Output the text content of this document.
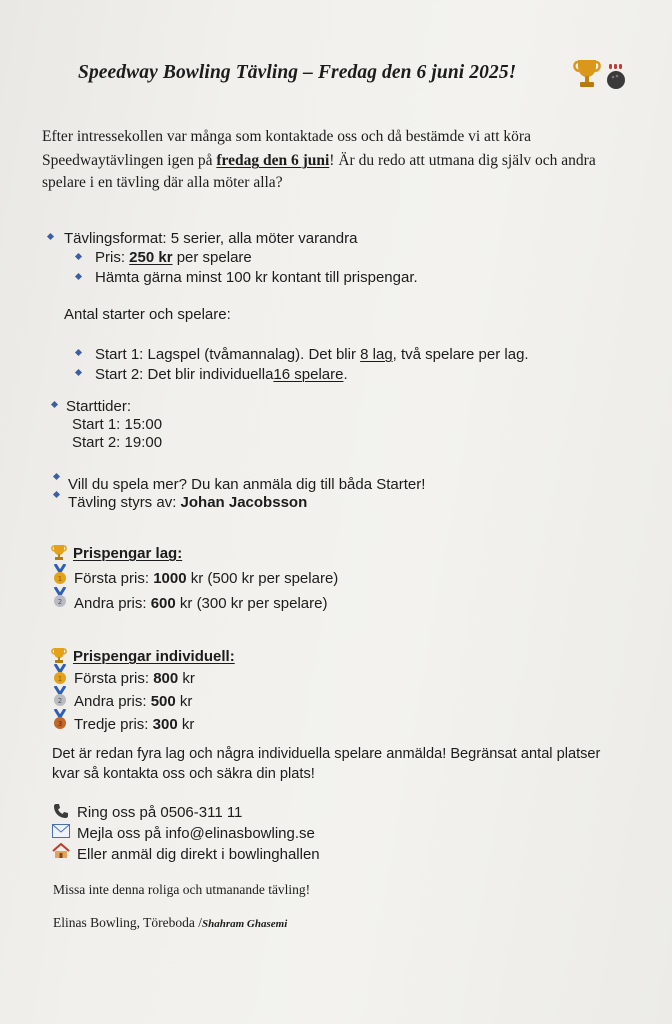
Speedway Bowling Tävling – Fredag den 6 juni 2025!
Efter intressekollen var många som kontaktade oss och då bestämde vi att köra
Speedwaytävlingen igen på fredag den 6 juni! Är du redo att utmana dig själv och andra
spelare i en tävling där alla möter alla?
Tävlingsformat: 5 serier, alla möter varandra
Pris: 250 kr per spelare
Hämta gärna minst 100 kr kontant till prispengar.
Antal starter och spelare:
Start 1: Lagspel (tvåmannalag). Det blir 8 lag, två spelare per lag.
Start 2: Det blir individuella16 spelare.
Starttider:
Start 1: 15:00
Start 2: 19:00
Vill du spela mer? Du kan anmäla dig till båda Starter!
Tävling styrs av: Johan Jacobsson
Prispengar lag:
1 Första pris: 1000 kr (500 kr per spelare)
2 Andra pris: 600 kr (300 kr per spelare)
Prispengar individuell:
1 Första pris: 800 kr
2 Andra pris: 500 kr
3 Tredje pris: 300 kr
Det är redan fyra lag och några individuella spelare anmälda! Begränsat antal platser
kvar så kontakta oss och säkra din plats!
Ring oss på 0506-311 11
Mejla oss på info@elinasbowling.se
Eller anmäl dig direkt i bowlinghallen
Missa inte denna roliga och utmanande tävling!
Elinas Bowling, Töreboda /Shahram Ghasemi
